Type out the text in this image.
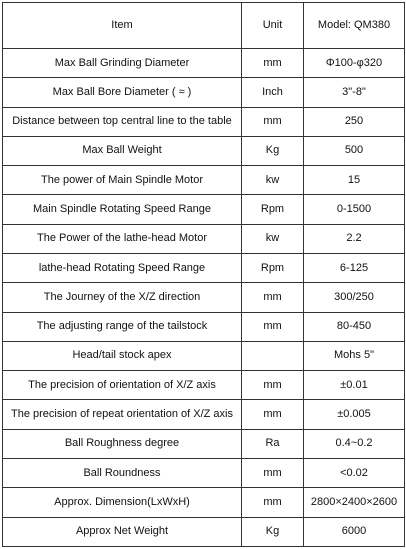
Item	Unit	Model: QM380
Max Ball Grinding Diameter	mm	Φ100-φ320
Max Ball Bore Diameter ( ≈ )	Inch	3"-8"
Distance between top central line to the table	mm	250
Max Ball Weight	Kg	500
The power of Main Spindle Motor	kw	15
Main Spindle Rotating Speed Range	Rpm	0-1500
The Power of the lathe-head Motor	kw	2.2
lathe-head Rotating Speed Range	Rpm	6-125
The Journey of the X/Z direction	mm	300/250
The adjusting range of the tailstock	mm	80-450
Head/tail stock apex		Mohs 5"
The precision of orientation of X/Z axis	mm	±0.01
The precision of repeat orientation of X/Z axis	mm	±0.005
Ball Roughness degree	Ra	0.4~0.2
Ball Roundness	mm	<0.02
Approx. Dimension(LxWxH)	mm	2800×2400×2600
Approx Net Weight	Kg	6000
